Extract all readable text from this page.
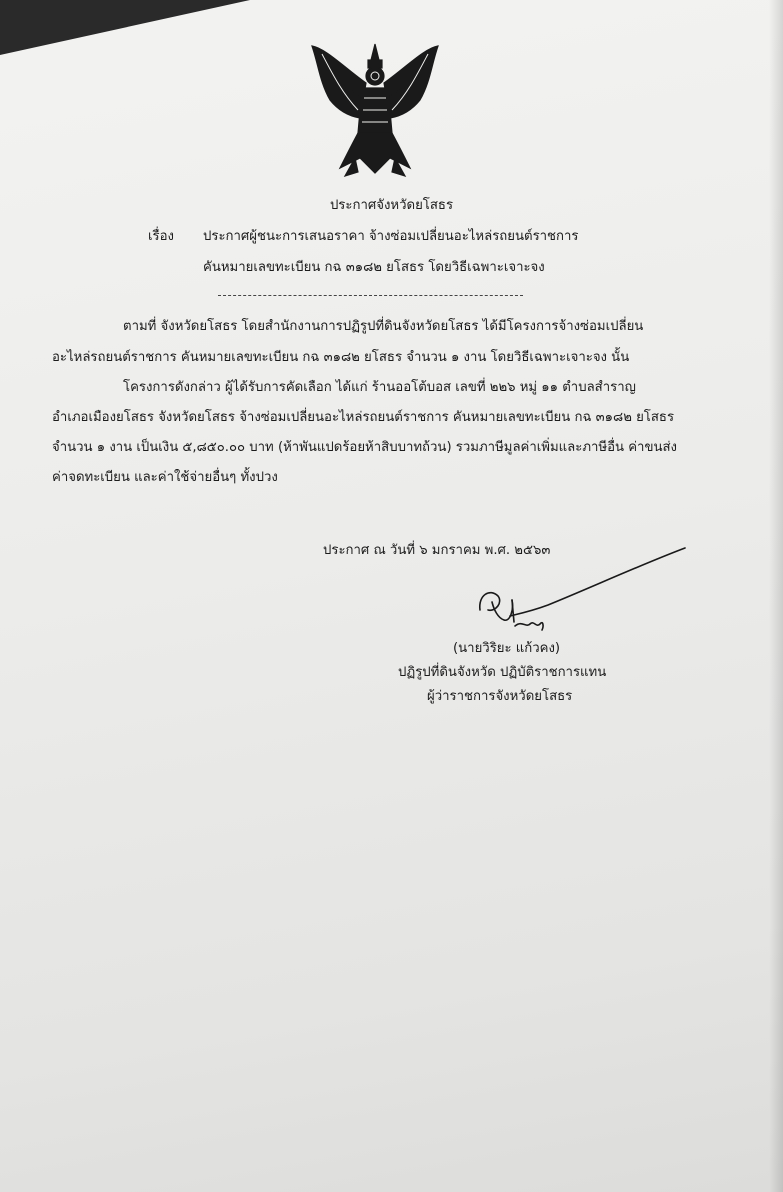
ประกาศจังหวัดยโสธร
เรื่อง ประกาศผู้ชนะการเสนอราคา จ้างซ่อมเปลี่ยนอะไหล่รถยนต์ราชการ
คันหมายเลขทะเบียน กฉ ๓๑๘๒ ยโสธร โดยวิธีเฉพาะเจาะจง
ตามที่ จังหวัดยโสธร โดยสำนักงานการปฏิรูปที่ดินจังหวัดยโสธร ได้มีโครงการจ้างซ่อมเปลี่ยน
อะไหล่รถยนต์ราชการ คันหมายเลขทะเบียน กฉ ๓๑๘๒ ยโสธร จำนวน ๑ งาน โดยวิธีเฉพาะเจาะจง นั้น
โครงการดังกล่าว ผู้ได้รับการคัดเลือก ได้แก่ ร้านออโต้บอส เลขที่ ๒๒๖ หมู่ ๑๑ ตำบลสำราญ
อำเภอเมืองยโสธร จังหวัดยโสธร จ้างซ่อมเปลี่ยนอะไหล่รถยนต์ราชการ คันหมายเลขทะเบียน กฉ ๓๑๘๒ ยโสธร
จำนวน ๑ งาน เป็นเงิน ๕,๘๕๐.๐๐ บาท (ห้าพันแปดร้อยห้าสิบบาทถ้วน) รวมภาษีมูลค่าเพิ่มและภาษีอื่น ค่าขนส่ง
ค่าจดทะเบียน และค่าใช้จ่ายอื่นๆ ทั้งปวง
ประกาศ ณ วันที่ ๖ มกราคม พ.ศ. ๒๕๖๓
(นายวิริยะ แก้วคง)
ปฏิรูปที่ดินจังหวัด ปฏิบัติราชการแทน
ผู้ว่าราชการจังหวัดยโสธร
